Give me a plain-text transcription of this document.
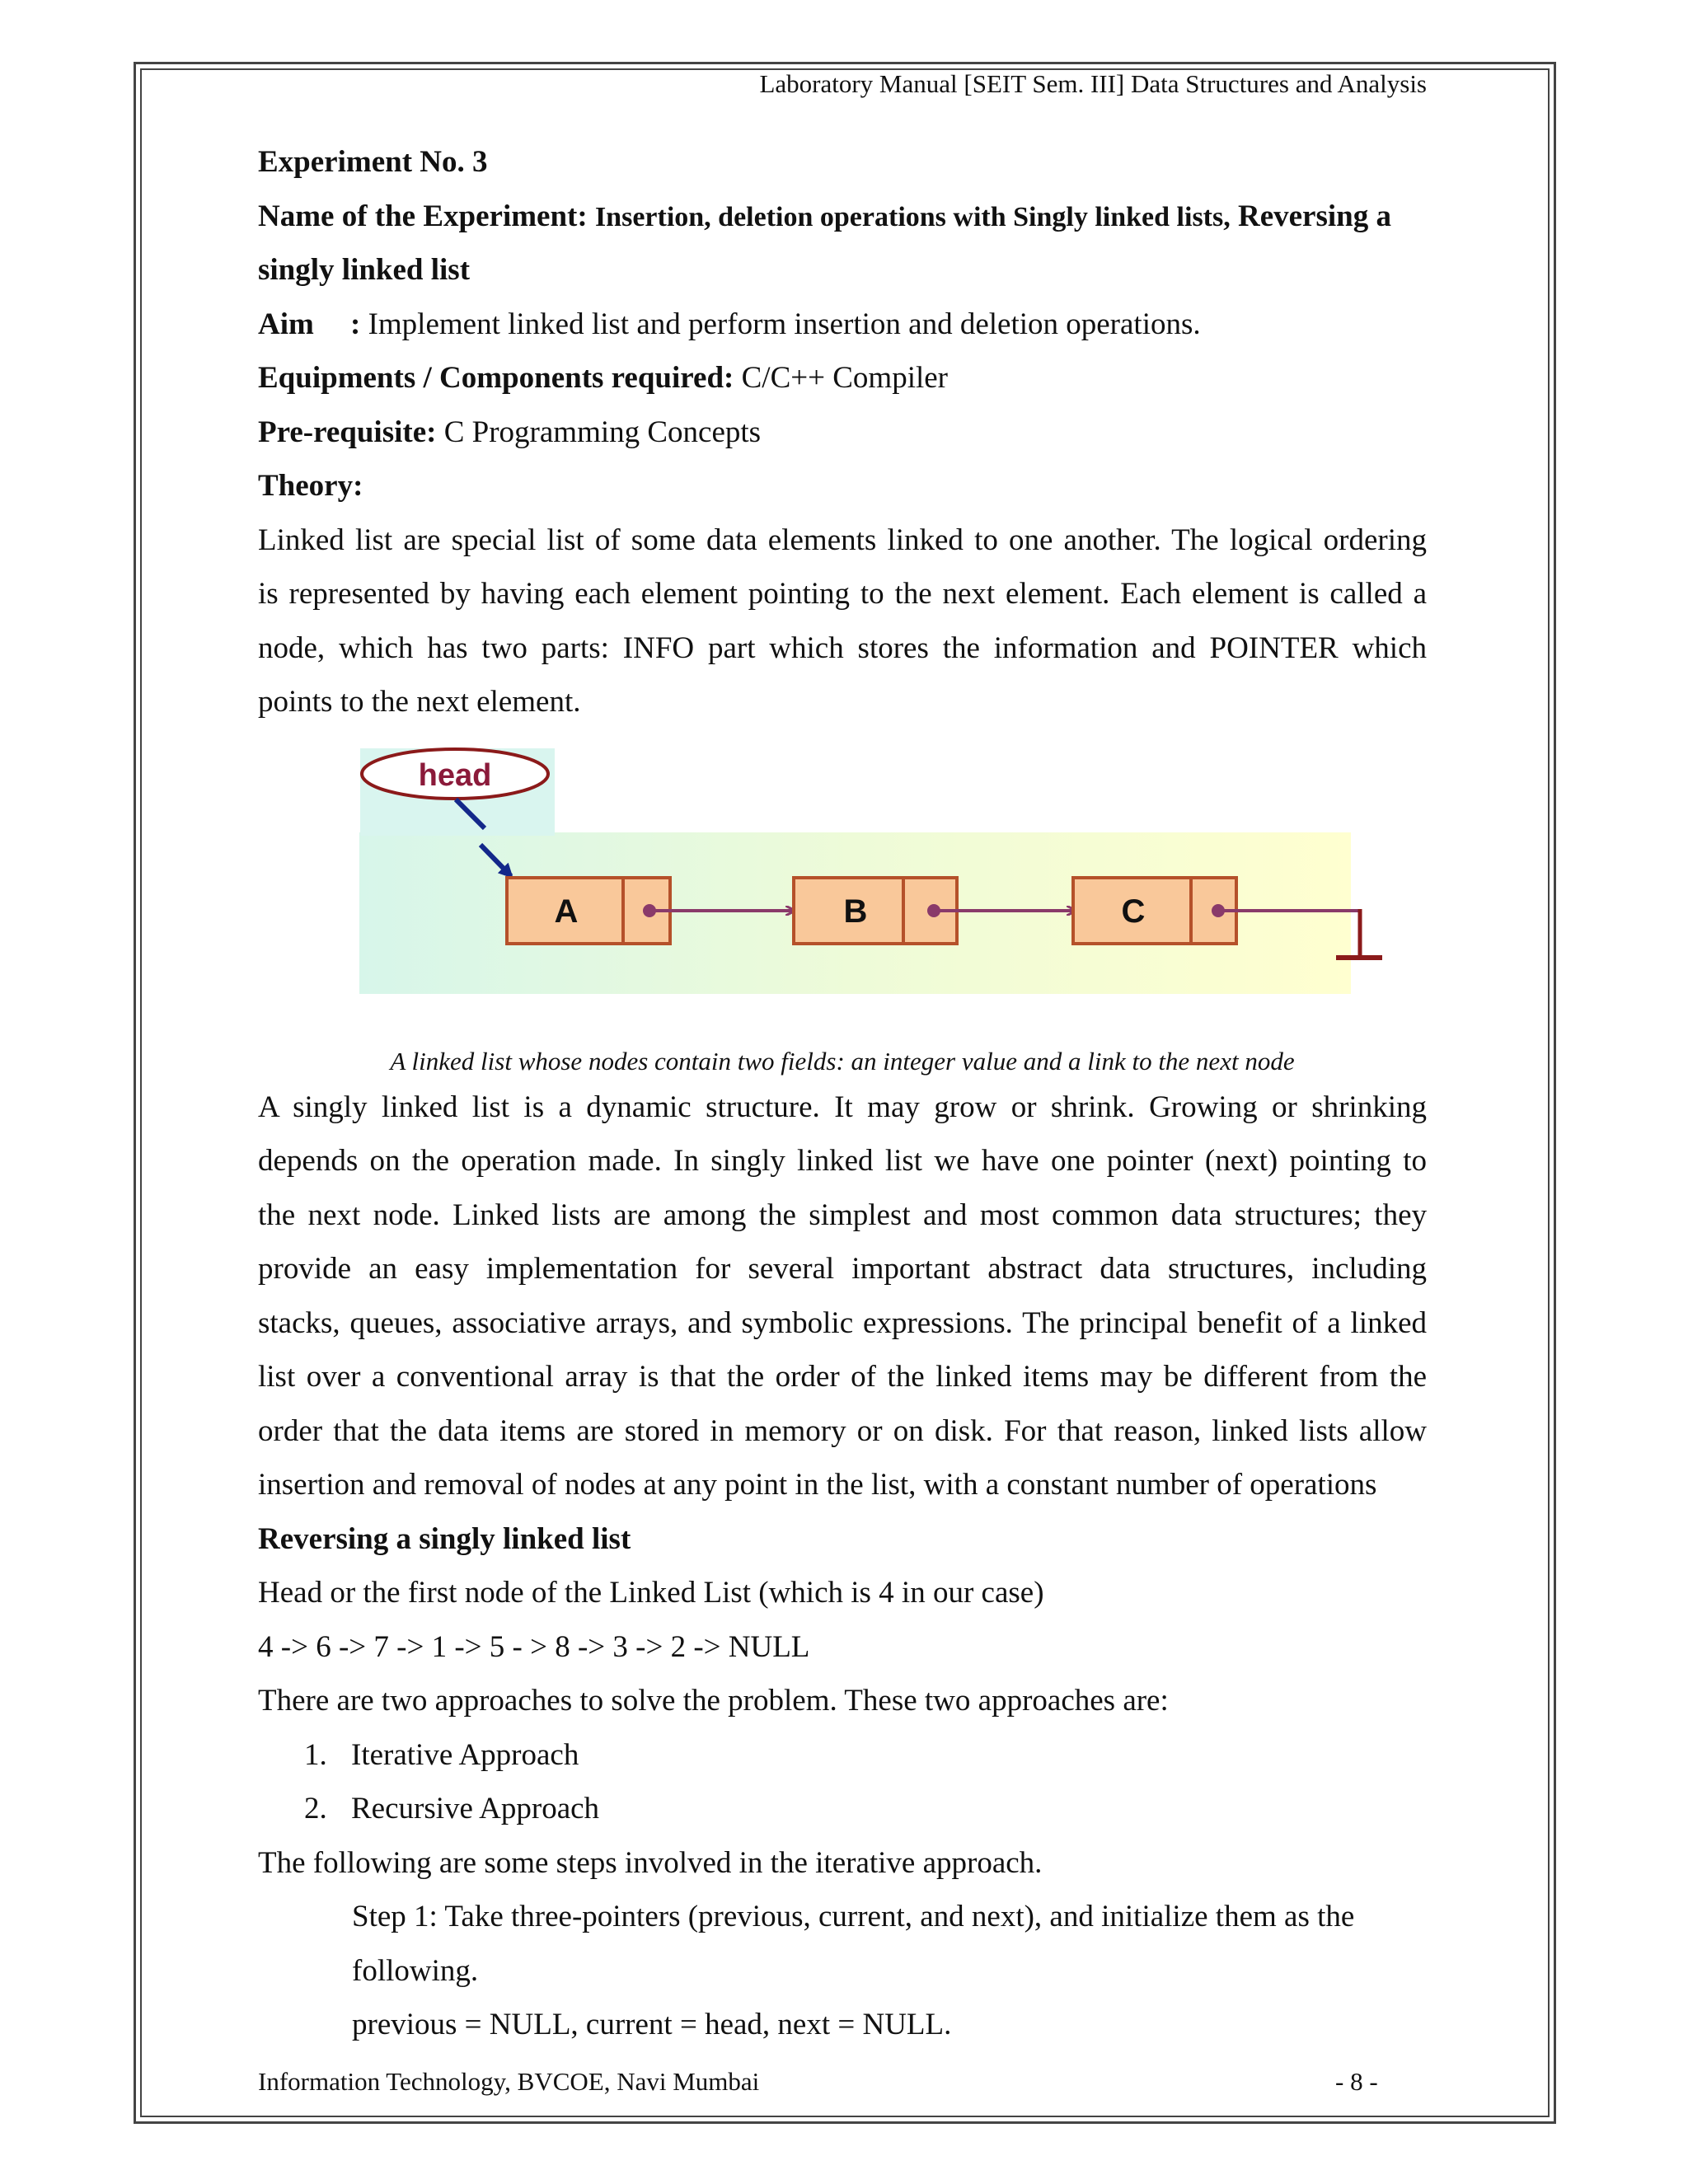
Laboratory Manual [SEIT Sem. III] Data Structures and Analysis
Experiment No. 3
Name of the Experiment: Insertion, deletion operations with Singly linked lists, Reversing a
singly linked list
Aim : Implement linked list and perform insertion and deletion operations.
Equipments / Components required: C/C++ Compiler
Pre-requisite: C Programming Concepts
Theory:
Linked list are special list of some data elements linked to one another. The logical ordering
is represented by having each element pointing to the next element. Each element is called a
node, which has two parts: INFO part which stores the information and POINTER which
points to the next element.
head
A	B	C
A linked list whose nodes contain two fields: an integer value and a link to the next node
A singly linked list is a dynamic structure. It may grow or shrink. Growing or shrinking
depends on the operation made. In singly linked list we have one pointer (next) pointing to
the next node. Linked lists are among the simplest and most common data structures; they
provide an easy implementation for several important abstract data structures, including
stacks, queues, associative arrays, and symbolic expressions. The principal benefit of a linked
list over a conventional array is that the order of the linked items may be different from the
order that the data items are stored in memory or on disk. For that reason, linked lists allow
insertion and removal of nodes at any point in the list, with a constant number of operations
Reversing a singly linked list
Head or the first node of the Linked List (which is 4 in our case)
4 -> 6 -> 7 -> 1 -> 5 - > 8 -> 3 -> 2 -> NULL
There are two approaches to solve the problem. These two approaches are:
1. Iterative Approach
2. Recursive Approach
The following are some steps involved in the iterative approach.
Step 1: Take three-pointers (previous, current, and next), and initialize them as the
following.
previous = NULL, current = head, next = NULL.
Information Technology, BVCOE, Navi Mumbai	- 8 -
